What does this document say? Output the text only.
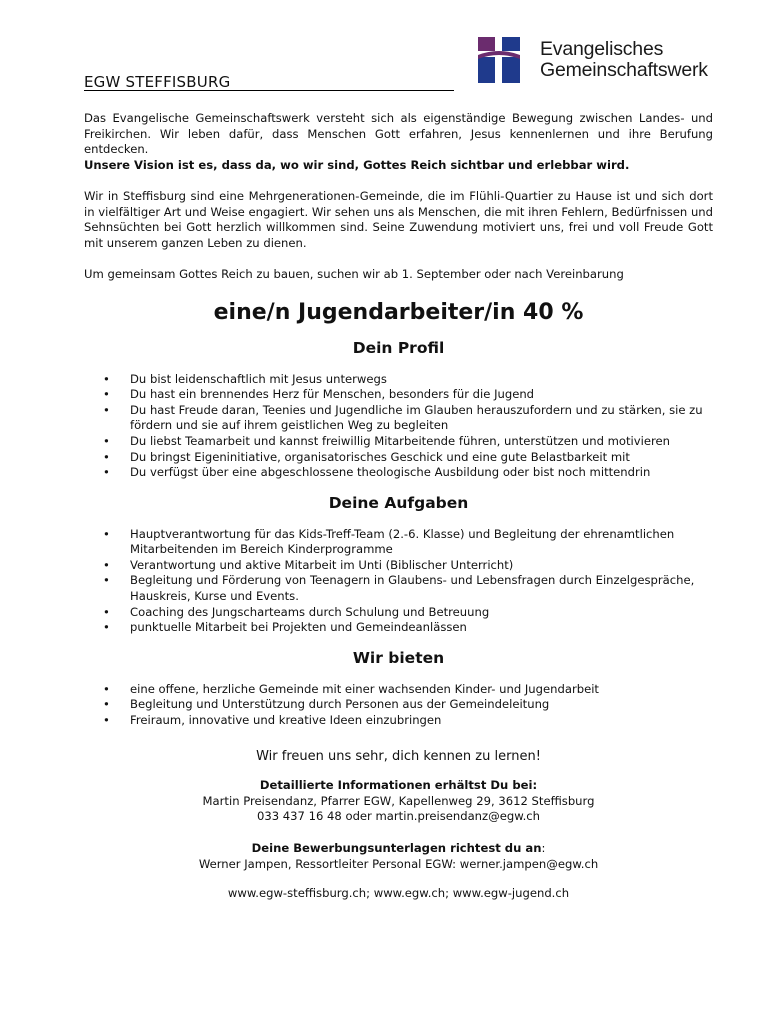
EGW STEFFISBURG
Evangelisches
Gemeinschaftswerk

Das Evangelische Gemeinschaftswerk versteht sich als eigenständige Bewegung zwischen Landes- und Freikirchen. Wir leben dafür, dass Menschen Gott erfahren, Jesus kennenlernen und ihre Berufung entdecken.

Unsere Vision ist es, dass da, wo wir sind, Gottes Reich sichtbar und erlebbar wird.

Wir in Steffisburg sind eine Mehrgenerationen-Gemeinde, die im Flühli-Quartier zu Hause ist und sich dort in vielfältiger Art und Weise engagiert. Wir sehen uns als Menschen, die mit ihren Fehlern, Bedürfnissen und Sehnsüchten bei Gott herzlich willkommen sind. Seine Zuwendung motiviert uns, frei und voll Freude Gott mit unserem ganzen Leben zu dienen.

Um gemeinsam Gottes Reich zu bauen, suchen wir ab 1. September oder nach Vereinbarung

eine/n Jugendarbeiter/in 40 %
Dein Profil
• Du bist leidenschaftlich mit Jesus unterwegs
• Du hast ein brennendes Herz für Menschen, besonders für die Jugend
• Du hast Freude daran, Teenies und Jugendliche im Glauben herauszufordern und zu stärken, sie zu fördern und sie auf ihrem geistlichen Weg zu begleiten
• Du liebst Teamarbeit und kannst freiwillig Mitarbeitende führen, unterstützen und motivieren
• Du bringst Eigeninitiative, organisatorisches Geschick und eine gute Belastbarkeit mit
• Du verfügst über eine abgeschlossene theologische Ausbildung oder bist noch mittendrin
Deine Aufgaben
• Hauptverantwortung für das Kids-Treff-Team (2.-6. Klasse) und Begleitung der ehrenamtlichen Mitarbeitenden im Bereich Kinderprogramme
• Verantwortung und aktive Mitarbeit im Unti (Biblischer Unterricht)
• Begleitung und Förderung von Teenagern in Glaubens- und Lebensfragen durch Einzelgespräche, Hauskreis, Kurse und Events.
• Coaching des Jungscharteams durch Schulung und Betreuung
• punktuelle Mitarbeit bei Projekten und Gemeindeanlässen
Wir bieten
• eine offene, herzliche Gemeinde mit einer wachsenden Kinder- und Jugendarbeit
• Begleitung und Unterstützung durch Personen aus der Gemeindeleitung
• Freiraum, innovative und kreative Ideen einzubringen
Wir freuen uns sehr, dich kennen zu lernen!
Detaillierte Informationen erhältst Du bei:
Martin Preisendanz, Pfarrer EGW, Kapellenweg 29, 3612 Steffisburg
033 437 16 48 oder martin.preisendanz@egw.ch
Deine Bewerbungsunterlagen richtest du an:
Werner Jampen, Ressortleiter Personal EGW: werner.jampen@egw.ch
www.egw-steffisburg.ch; www.egw.ch; www.egw-jugend.ch
